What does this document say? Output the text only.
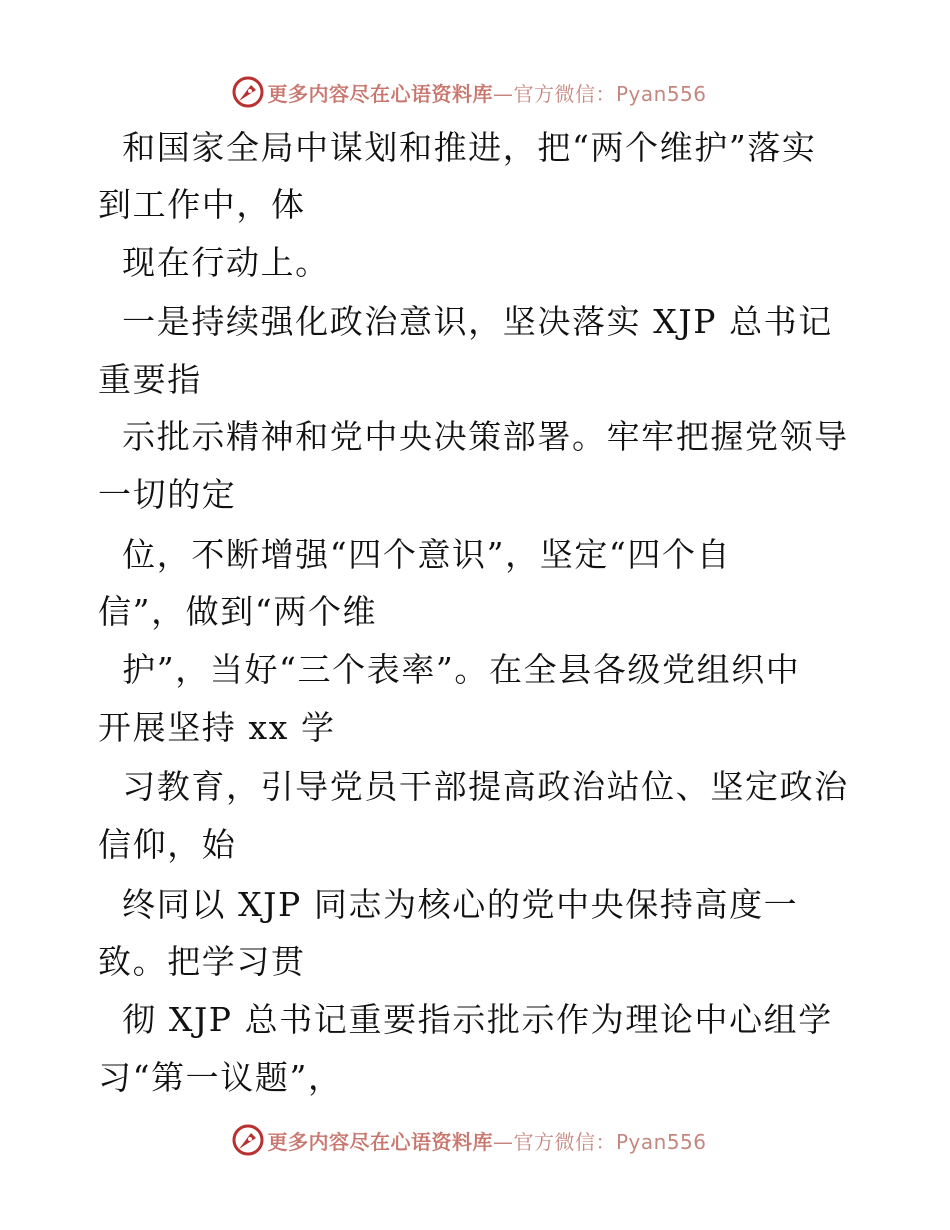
更多内容尽在心语资料库—官方微信：Pyan556
和国家全局中谋划和推进，把“两个维护”落实
到工作中，体
现在行动上。
一是持续强化政治意识，坚决落实 XJP 总书记
重要指
示批示精神和党中央决策部署。牢牢把握党领导
一切的定
位，不断增强“四个意识”，坚定“四个自
信”，做到“两个维
护”，当好“三个表率”。在全县各级党组织中
开展坚持 xx 学
习教育，引导党员干部提高政治站位、坚定政治
信仰，始
终同以 XJP 同志为核心的党中央保持高度一
致。把学习贯
彻 XJP 总书记重要指示批示作为理论中心组学
习“第一议题”，
更多内容尽在心语资料库—官方微信：Pyan556
